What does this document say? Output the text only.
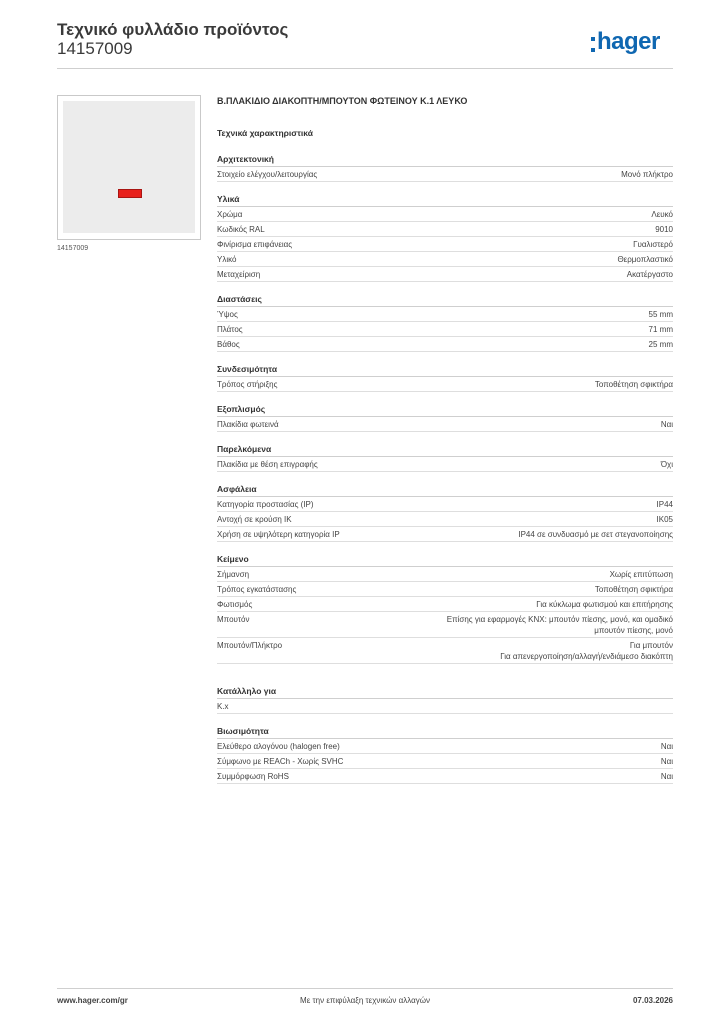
Τεχνικό φυλλάδιο προϊόντος
14157009	hager
14157009
Β.ΠΛΑΚΙΔΙΟ ΔΙΑΚΟΠΤΗ/ΜΠΟΥΤΟΝ ΦΩΤΕΙΝΟΥ Κ.1 ΛΕΥΚΟ
Τεχνικά χαρακτηριστικά
Αρχιτεκτονική
Στοιχείο ελέγχου/λειτουργίας	Μονό πλήκτρο
Υλικά
Χρώμα	Λευκό
Κωδικός RAL	9010
Φινίρισμα επιφάνειας	Γυαλιστερό
Υλικό	Θερμοπλαστικό
Μεταχείριση	Ακατέργαστο
Διαστάσεις
Ύψος	55 mm
Πλάτος	71 mm
Βάθος	25 mm
Συνδεσιμότητα
Τρόπος στήριξης	Τοποθέτηση σφικτήρα
Εξοπλισμός
Πλακίδια φωτεινά	Ναι
Παρελκόμενα
Πλακίδια με θέση επιγραφής	Όχι
Ασφάλεια
Κατηγορία προστασίας (IP)	IP44
Αντοχή σε κρούση IK	IK05
Χρήση σε υψηλότερη κατηγορία IP	IP44 σε συνδυασμό με σετ στεγανοποίησης
Κείμενο
Σήμανση	Χωρίς επιτύπωση
Τρόπος εγκατάστασης	Τοποθέτηση σφικτήρα
Φωτισμός	Για κύκλωμα φωτισμού και επιτήρησης
Μπουτόν	Επίσης για εφαρμογές KNX: μπουτόν πίεσης, μονό, και ομαδικό
μπουτόν πίεσης, μονό
Μπουτόν/Πλήκτρο	Για μπουτόν
Για απενεργοποίηση/αλλαγή/ενδιάμεσο διακόπτη
Κατάλληλο για
K.x
Βιωσιμότητα
Ελεύθερο αλογόνου (halogen free)	Ναι
Σύμφωνο με REACh - Χωρίς SVHC	Ναι
Συμμόρφωση RoHS	Ναι
www.hager.com/gr	Με την επιφύλαξη τεχνικών αλλαγών	07.03.2026
